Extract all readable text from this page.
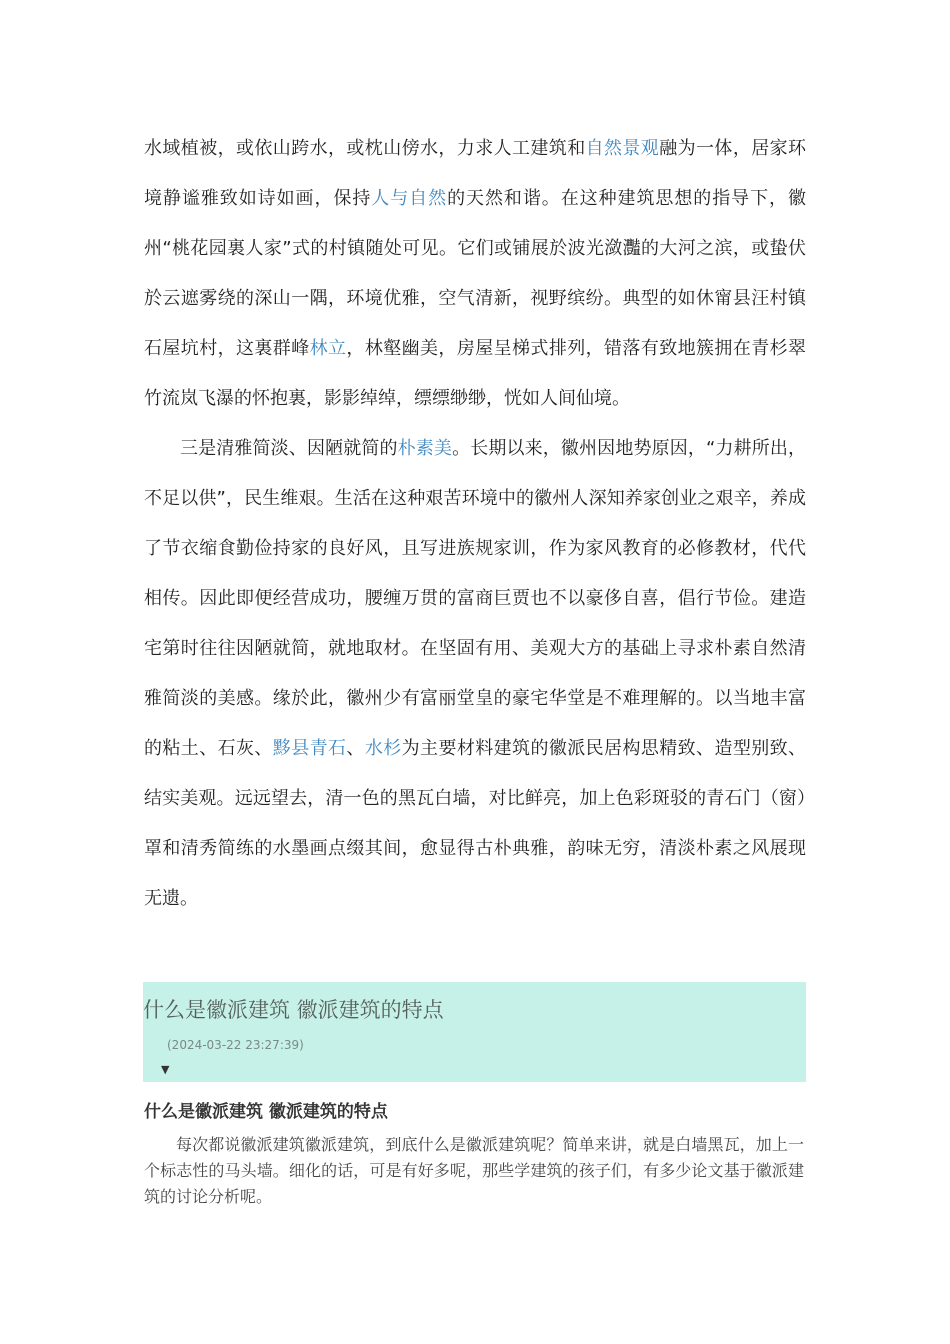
水域植被，或依山跨水，或枕山傍水，力求人工建筑和自然景观融为一体，居家环境静谧雅致如诗如画，保持人与自然的天然和谐。在这种建筑思想的指导下，徽州“桃花园裏人家”式的村镇随处可见。它们或铺展於波光潋灩的大河之滨，或蛰伏於云遮雾绕的深山一隅，环境优雅，空气清新，视野缤纷。典型的如休甯县汪村镇石屋坑村，这裏群峰林立，林壑幽美，房屋呈梯式排列，错落有致地簇拥在青杉翠竹流岚飞瀑的怀抱裏，影影绰绰，缥缥缈缈，恍如人间仙境。

三是清雅简淡、因陋就简的朴素美。长期以来，徽州因地势原因，“力耕所出，不足以供”，民生维艰。生活在这种艰苦环境中的徽州人深知养家创业之艰辛，养成了节衣缩食勤俭持家的良好风，且写进族规家训，作为家风教育的必修教材，代代相传。因此即便经营成功，腰缠万贯的富商巨贾也不以豪侈自喜，倡行节俭。建造宅第时往往因陋就简，就地取材。在坚固有用、美观大方的基础上寻求朴素自然清雅简淡的美感。缘於此，徽州少有富丽堂皇的豪宅华堂是不难理解的。以当地丰富的粘土、石灰、黟县青石、水杉为主要材料建筑的徽派民居构思精致、造型别致、结实美观。远远望去，清一色的黑瓦白墙，对比鲜亮，加上色彩斑驳的青石门（窗）罩和清秀简练的水墨画点缀其间，愈显得古朴典雅，韵味无穷，清淡朴素之风展现无遗。

什么是徽派建筑 徽派建筑的特点
(2024-03-22 23:27:39)
▼
什么是徽派建筑 徽派建筑的特点

每次都说徽派建筑徽派建筑，到底什么是徽派建筑呢？简单来讲，就是白墙黑瓦，加上一个标志性的马头墙。细化的话，可是有好多呢，那些学建筑的孩子们，有多少论文基于徽派建筑的讨论分析呢。
